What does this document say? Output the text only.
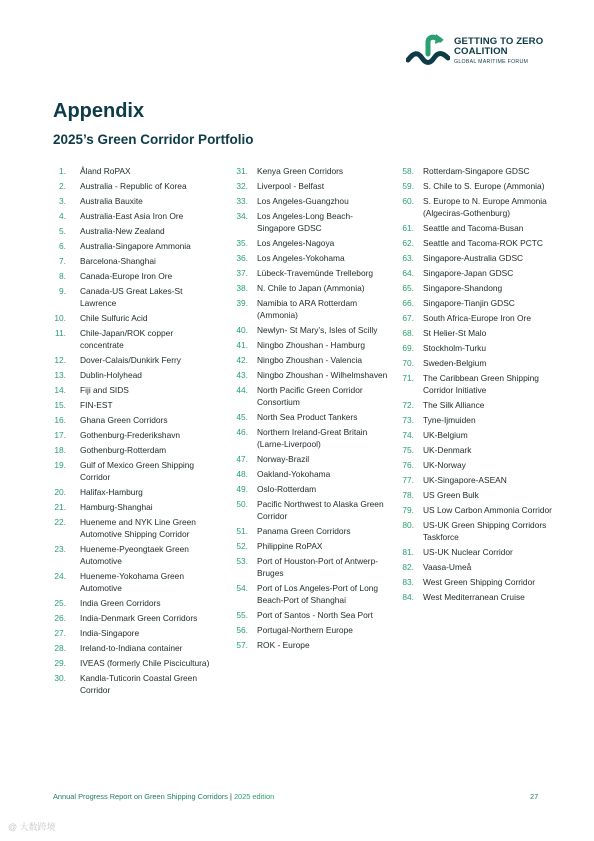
GETTING TO ZERO
COALITION
GLOBAL MARITIME FORUM
Appendix
2025’s Green Corridor Portfolio
1.	Åland RoPAX
2.	Australia - Republic of Korea
3.	Australia Bauxite
4.	Australia-East Asia Iron Ore
5.	Australia-New Zealand
6.	Australia-Singapore Ammonia
7.	Barcelona-Shanghai
8.	Canada-Europe Iron Ore
9.	Canada-US Great Lakes-St Lawrence
10.	Chile Sulfuric Acid
11.	Chile-Japan/ROK copper concentrate
12.	Dover-Calais/Dunkirk Ferry
13.	Dublin-Holyhead
14.	Fiji and SIDS
15.	FIN-EST
16.	Ghana Green Corridors
17.	Gothenburg-Frederikshavn
18.	Gothenburg-Rotterdam
19.	Gulf of Mexico Green Shipping Corridor
20.	Halifax-Hamburg
21.	Hamburg-Shanghai
22.	Hueneme and NYK Line Green Automotive Shipping Corridor
23.	Hueneme-Pyeongtaek Green Automotive
24.	Hueneme-Yokohama Green Automotive
25.	India Green Corridors
26.	India-Denmark Green Corridors
27.	India-Singapore
28.	Ireland-to-Indiana container
29.	IVEAS (formerly Chile Piscicultura)
30.	Kandla-Tuticorin Coastal Green Corridor
31.	Kenya Green Corridors
32.	Liverpool - Belfast
33.	Los Angeles-Guangzhou
34.	Los Angeles-Long Beach-Singapore GDSC
35.	Los Angeles-Nagoya
36.	Los Angeles-Yokohama
37.	Lübeck-Travemünde Trelleborg
38.	N. Chile to Japan (Ammonia)
39.	Namibia to ARA Rotterdam (Ammonia)
40.	Newlyn- St Mary’s, Isles of Scilly
41.	Ningbo Zhoushan - Hamburg
42.	Ningbo Zhoushan - Valencia
43.	Ningbo Zhoushan - Wilhelmshaven
44.	North Pacific Green Corridor Consortium
45.	North Sea Product Tankers
46.	Northern Ireland-Great Britain (Larne-Liverpool)
47.	Norway-Brazil
48.	Oakland-Yokohama
49.	Oslo-Rotterdam
50.	Pacific Northwest to Alaska Green Corridor
51.	Panama Green Corridors
52.	Philippine RoPAX
53.	Port of Houston-Port of Antwerp-Bruges
54.	Port of Los Angeles-Port of Long Beach-Port of Shanghai
55.	Port of Santos - North Sea Port
56.	Portugal-Northern Europe
57.	ROK - Europe
58.	Rotterdam-Singapore GDSC
59.	S. Chile to S. Europe (Ammonia)
60.	S. Europe to N. Europe Ammonia (Algeciras-Gothenburg)
61.	Seattle and Tacoma-Busan
62.	Seattle and Tacoma-ROK PCTC
63.	Singapore-Australia GDSC
64.	Singapore-Japan GDSC
65.	Singapore-Shandong
66.	Singapore-Tianjin GDSC
67.	South Africa-Europe Iron Ore
68.	St Helier-St Malo
69.	Stockholm-Turku
70.	Sweden-Belgium
71.	The Caribbean Green Shipping Corridor Initiative
72.	The Silk Alliance
73.	Tyne-Ijmuiden
74.	UK-Belgium
75.	UK-Denmark
76.	UK-Norway
77.	UK-Singapore-ASEAN
78.	US Green Bulk
79.	US Low Carbon Ammonia Corridor
80.	US-UK Green Shipping Corridors Taskforce
81.	US-UK Nuclear Corridor
82.	Vaasa-Umeå
83.	West Green Shipping Corridor
84.	West Mediterranean Cruise
Annual Progress Report on Green Shipping Corridors | 2025 edition	27
@ 大数跨境
